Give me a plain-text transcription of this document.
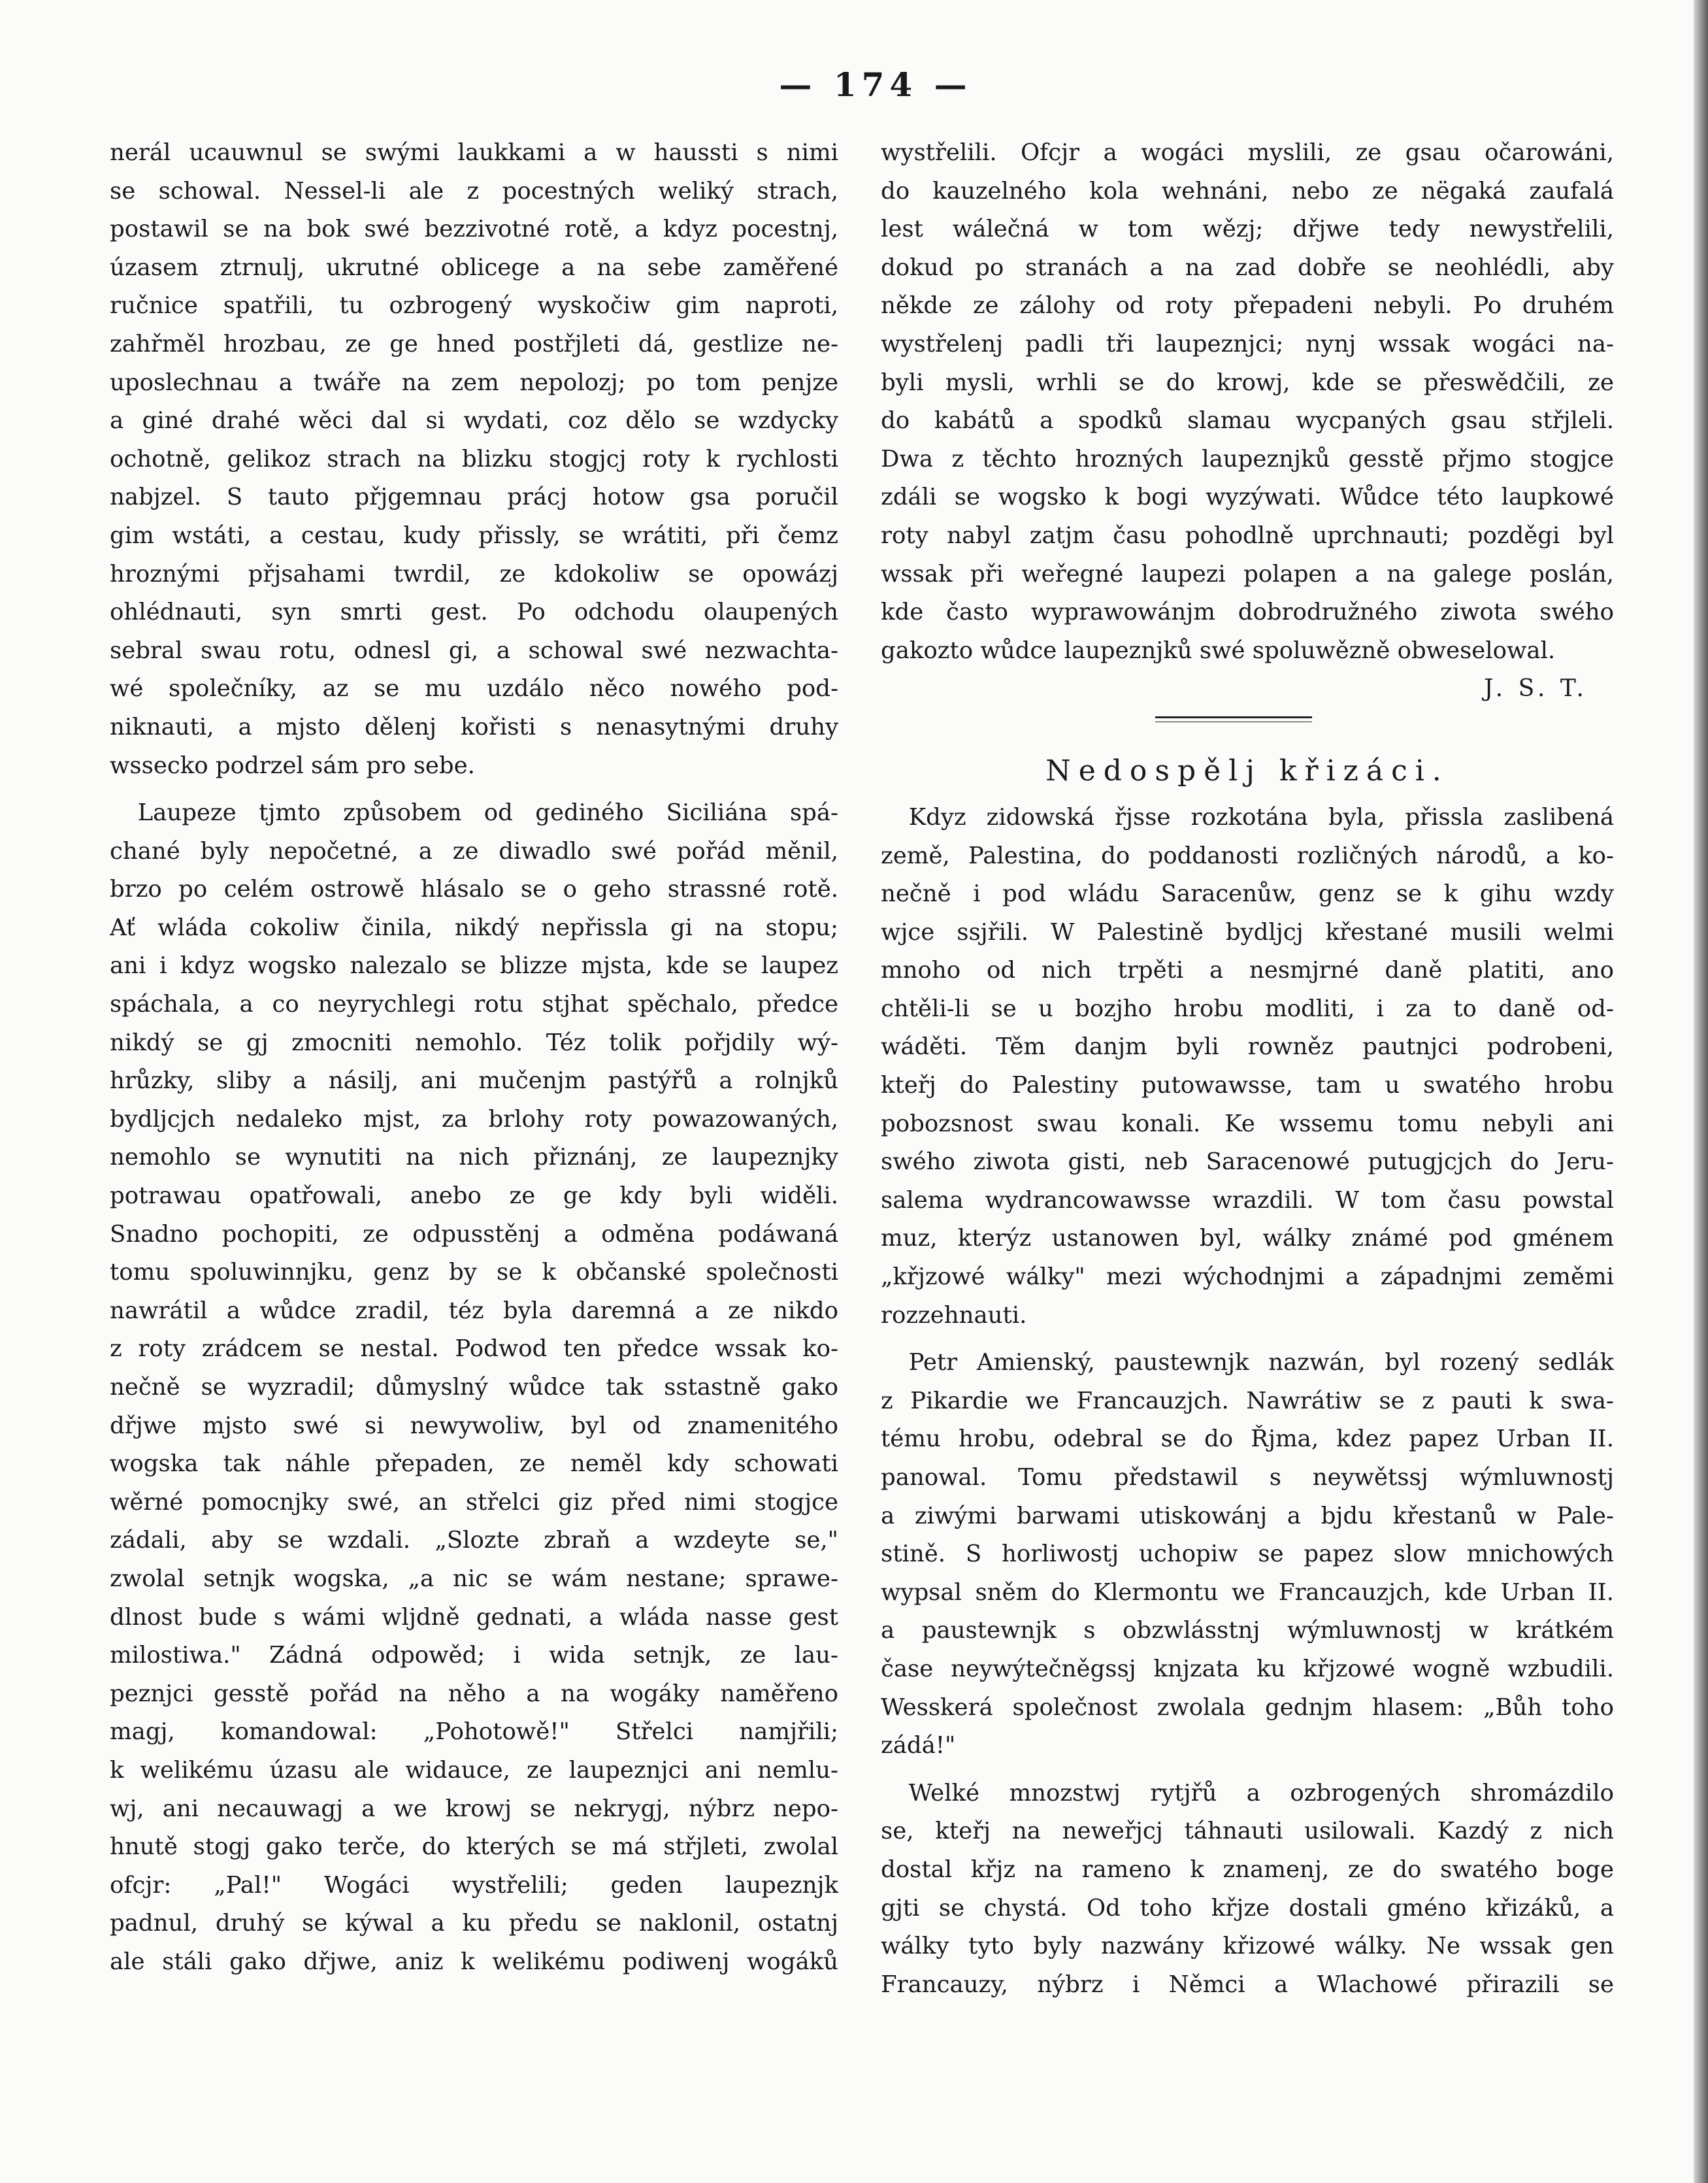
— 174 —
nerál ucauwnul se swými laukkami a w haussti s nimi
se schowal. Nessel-li ale z pocestných weliký strach,
postawil se na bok swé bezzivotné rotě, a kdyz pocestnj,
úzasem ztrnulj, ukrutné oblicege a na sebe zaměřené
ručnice spatřili, tu ozbrogený wyskočiw gim naproti,
zahřměl hrozbau, ze ge hned postřjleti dá, gestlize ne-
uposlechnau a twáře na zem nepolozj; po tom penjze
a giné drahé wěci dal si wydati, coz dělo se wzdycky
ochotně, gelikoz strach na blizku stogjcj roty k rychlosti
nabjzel. S tauto přjgemnau prácj hotow gsa poručil
gim wstáti, a cestau, kudy přissly, se wrátiti, při čemz
hroznými přjsahami twrdil, ze kdokoliw se opowázj
ohlédnauti, syn smrti gest. Po odchodu olaupených
sebral swau rotu, odnesl gi, a schowal swé nezwachta-
wé společníky, az se mu uzdálo něco nowého pod-
niknauti, a mjsto dělenj kořisti s nenasytnými druhy
wsseсko podrzel sám pro sebe.
Laupeze tjmto způsobem od gedinéhо Siciliána spá-
chané byly nepočetné, a ze diwadlo swé pořád měnil,
brzo po celém ostrowě hlásalo se o geho strassné rotě.
Ať wláda cokoliw činila, nikdý nepřissla gi na stopu;
ani i kdyz wogsko nalezalo se blizze mjsta, kde se laupez
spáchala, a co neyrychlegi rotu stjhat spěchalo, předce
nikdý se gj zmocniti nemohlo. Téz tolik pořjdily wý-
hrůzky, sliby a násilj, ani mučenjm pastýřů a rolnjků
bydljcjch nedaleko mjst, za brlohy roty powazowaných,
nemohlo se wynutiti na nich přiznánj, ze laupeznjky
potrawau opatřowali, anebo ze ge kdy byli widěli.
Snadno pochopiti, ze odpusstěnj a odměna podáwaná
tomu spoluwinnjku, genz by se k občanské společnosti
nawrátil a wůdce zradil, téz byla daremná a ze nikdo
z roty zrádcem se nestal. Podwod ten předce wssak ko-
nečně se wyzradil; důmyslný wůdce tak sstastně gako
dřjwe mjsto swé si newywoliw, byl od znamenitého
wogska tak náhle přepaden, ze neměl kdy schowati
wěrné pomocnjky swé, an střelci giz před nimi stogjce
zádali, aby se wzdali. „Slozte zbraň a wzdeyte se,"
zwolal setnjk wogska, „a nic se wám nestane; sprawe-
dlnost bude s wámi wljdně gednati, a wláda nasse gest
milostiwa." Zádná odpowěd; i wida setnjk, ze lau-
peznjci gesstě pořád na něho a na wogáky naměřeno
magj, komandowal: „Pohotowě!" Střelci namjřili;
k welikému úzasu ale widauce, ze laupeznjci ani nemlu-
wj, ani necauwagj a we krowj se nekrygj, nýbrz nepo-
hnutě stogj gako terče, do kterých se má střjleti, zwolal
ofcjr: „Pal!" Wogáci wystřelili; geden laupeznjk
padnul, druhý se kýwal a ku předu se naklonil, ostatnj
ale stáli gako dřjwe, aniz k welikému podiwenj wogáků
wystřelili. Ofcjr a wogáci myslili, ze gsau očarowáni,
do kauzelného kola wehnáni, nebo ze nёgaká zaufalá
lest wálečná w tom wězj; dřjwe tedy newystřelili,
dokud po stranách a na zad dobře se neohlédli, aby
někde ze zálohy od roty přepadeni nebyli. Po druhém
wystřelenj padli tři laupeznjci; nynj wssak wogáci na-
byli mysli, wrhli se do krowj, kde se přeswědčili, ze
do kabátů a spodků slamau wycpaných gsau střjleli.
Dwa z těchto hrozných laupeznjků gesstě přjmo stogjce
zdáli se wogsko k bogi wyzýwati. Wůdce této laupkowé
roty nabyl zatjm času pohodlně uprchnauti; pozděgi byl
wssak při weřegné laupezi polapen a na galege poslán,
kde často wyprawowánjm dobrodružného ziwota swého
gakozto wůdce laupeznjků swé spoluwězně obweselowal.
J. S. T.
Nedospělj křizáci.
Kdyz zidowská řjsse rozkotána byla, přissla zaslibená
země, Palestina, do poddanosti rozličných národů, a ko-
nečně i pod wládu Saracenůw, genz se k gihu wzdy
wjce ssjřili. W Palestině bydljcj křestané musili welmi
mnoho od nich trpěti a nesmjrné daně platiti, ano
chtěli-li se u bozjho hrobu modliti, i za to daně od-
wáděti. Těm danjm byli rowněz pautnjci podrobeni,
kteřj do Palestiny putowawsse, tam u swatého hrobu
pobozsnost swau konali. Ke wssemu tomu nebyli ani
swého ziwota gisti, neb Saracenowé putugjcjch do Jeru-
salema wydrancowawsse wrazdili. W tom času powstal
muz, kterýz ustanowen byl, wálky známé pod gménem
„křjzowé wálky" mezi wýchodnjmi a západnjmi zeměmi
rozzehnauti.
Petr Amienský, paustewnjk nazwán, byl rozený sedlák
z Pikardie we Francauzjch. Nawrátiw se z pauti k swa-
tému hrobu, odebral se do Řjma, kdez papez Urban II.
panowal. Tomu předstawil s neywětssj wýmluwnostj
a ziwými barwami utiskowánj a bjdu křestanů w Pale-
stině. S horliwostj uchopiw se papez slow mnichowých
wypsal sněm do Klermontu we Francauzjch, kde Urban II.
a paustewnjk s obzwlásstnj wýmluwnostj w krátkém
čase neywýtečněgssj knjzata ku křjzowé wogně wzbudili.
Wesskerá společnost zwolala gednjm hlasem: „Bůh toho
zádá!"
Welké mnozstwj rytjřů a ozbrogených shromázdilo
se, kteřj na neweřjcj táhnauti usilowali. Kazdý z nich
dostal křjz na rameno k znamenj, ze do swatého boge
gjti se chystá. Od toho křjze dostali gméno křizáků, a
wálky tyto byly nazwány křizowé wálky. Ne wssak gen
Francauzy, nýbrz i Němci a Wlachowé přirazili se
